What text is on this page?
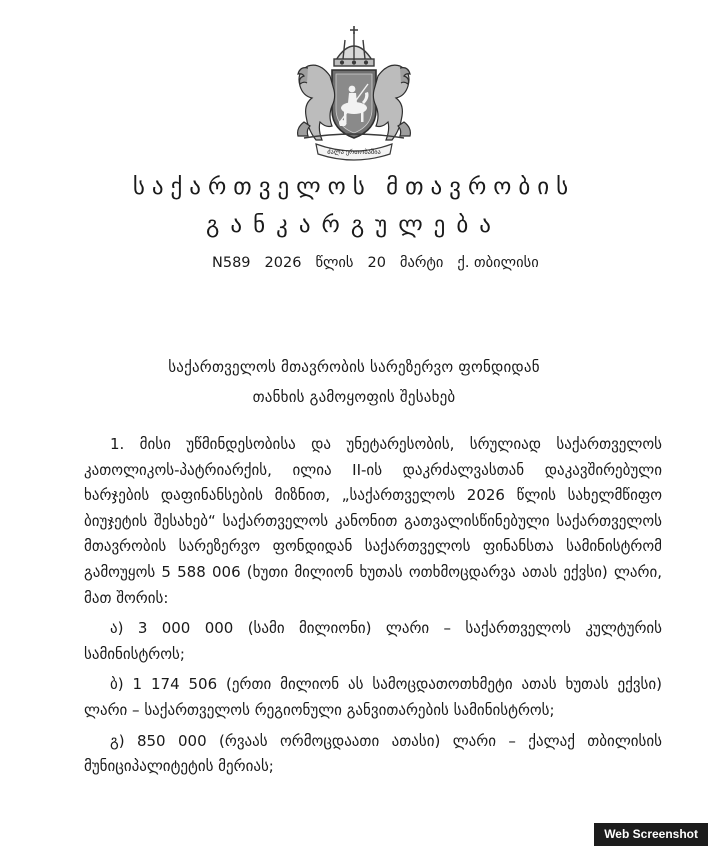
ძალა ერთობაშია
საქართველოს მთავრობის
განკარგულება
N589 2026 წლის 20 მარტი ქ. თბილისი
საქართველოს მთავრობის სარეზერვო ფონდიდან
თანხის გამოყოფის შესახებ

1. მისი უწმინდესობისა და უნეტარესობის, სრულიად საქართველოს კათოლიკოს-პატრიარქის, ილია II-ის დაკრძალვასთან დაკავშირებული ხარჯების დაფინანსების მიზნით, „საქართველოს 2026 წლის სახელმწიფო ბიუჯეტის შესახებ“ საქართველოს კანონით გათვალისწინებული საქართველოს მთავრობის სარეზერვო ფონდიდან საქართველოს ფინანსთა სამინისტრომ გამოუყოს 5 588 006 (ხუთი მილიონ ხუთას ოთხმოცდარვა ათას ექვსი) ლარი, მათ შორის:

ა) 3 000 000 (სამი მილიონი) ლარი – საქართველოს კულტურის სამინისტროს;

ბ) 1 174 506 (ერთი მილიონ ას სამოცდათოთხმეტი ათას ხუთას ექვსი) ლარი – საქართველოს რეგიონული განვითარების სამინისტროს;

გ) 850 000 (რვაას ორმოცდაათი ათასი) ლარი – ქალაქ თბილისის მუნიციპალიტეტის მერიას;

Web Screenshot
